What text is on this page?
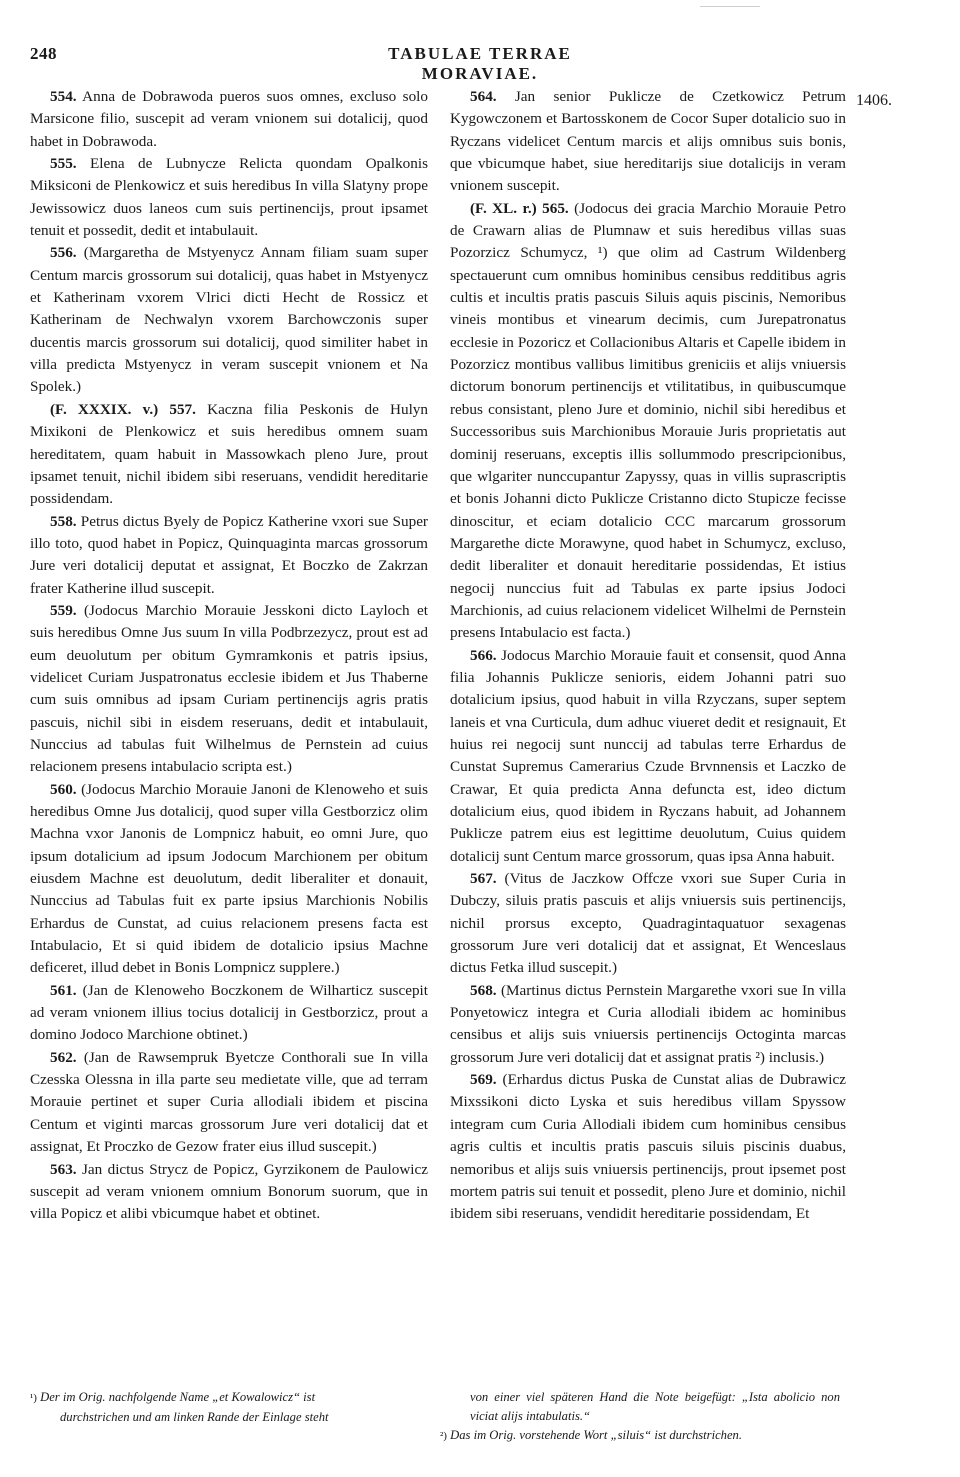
248	TABULAE TERRAE MORAVIAE.
1406.

554. Anna de Dobrawoda pueros suos omnes, excluso solo Marsicone filio, suscepit ad veram vnionem sui dotalicij, quod habet in Dobrawoda.

555. Elena de Lubnycze Relicta quondam Opalkonis Miksiconi de Plenkowicz et suis heredibus In villa Slatyny prope Jewissowicz duos laneos cum suis pertinencijs, prout ipsamet tenuit et possedit, dedit et intabulauit.

556. (Margaretha de Mstyenycz Annam filiam suam super Centum marcis grossorum sui dotalicij, quas habet in Mstyenycz et Katherinam vxorem Vlrici dicti Hecht de Rossicz et Katherinam de Nechwalyn vxorem Barchowczonis super ducentis marcis grossorum sui dotalicij, quod similiter habet in villa predicta Mstyenycz in veram suscepit vnionem et Na Spolek.)

(F. XXXIX. v.) 557. Kaczna filia Peskonis de Hulyn Mixikoni de Plenkowicz et suis heredibus omnem suam hereditatem, quam habuit in Massowkach pleno Jure, prout ipsamet tenuit, nichil ibidem sibi reseruans, vendidit hereditarie possidendam.

558. Petrus dictus Byely de Popicz Katherine vxori sue Super illo toto, quod habet in Popicz, Quinquaginta marcas grossorum Jure veri dotalicij deputat et assignat, Et Boczko de Zakrzan frater Katherine illud suscepit.

559. (Jodocus Marchio Morauie Jesskoni dicto Layloch et suis heredibus Omne Jus suum In villa Podbrzezycz, prout est ad eum deuolutum per obitum Gymramkonis et patris ipsius, videlicet Curiam Juspatronatus ecclesie ibidem et Jus Thaberne cum suis omnibus ad ipsam Curiam pertinencijs agris pratis pascuis, nichil sibi in eisdem reseruans, dedit et intabulauit, Nunccius ad tabulas fuit Wilhelmus de Pernstein ad cuius relacionem presens intabulacio scripta est.)

560. (Jodocus Marchio Morauie Janoni de Klenoweho et suis heredibus Omne Jus dotalicij, quod super villa Gestborzicz olim Machna vxor Janonis de Lompnicz habuit, eo omni Jure, quo ipsum dotalicium ad ipsum Jodocum Marchionem per obitum eiusdem Machne est deuolutum, dedit liberaliter et donauit, Nunccius ad Tabulas fuit ex parte ipsius Marchionis Nobilis Erhardus de Cunstat, ad cuius relacionem presens facta est Intabulacio, Et si quid ibidem de dotalicio ipsius Machne deficeret, illud debet in Bonis Lompnicz supplere.)

561. (Jan de Klenoweho Boczkonem de Wilharticz suscepit ad veram vnionem illius tocius dotalicij in Gestborzicz, prout a domino Jodoco Marchione obtinet.)

562. (Jan de Rawsempruk Byetcze Conthorali sue In villa Czesska Olessna in illa parte seu medietate ville, que ad terram Morauie pertinet et super Curia allodiali ibidem et piscina Centum et viginti marcas grossorum Jure veri dotalicij dat et assignat, Et Proczko de Gezow frater eius illud suscepit.)

563. Jan dictus Strycz de Popicz, Gyrzikonem de Paulowicz suscepit ad veram vnionem omnium Bonorum suorum, que in villa Popicz et alibi vbicumque habet et obtinet.

564. Jan senior Puklicze de Czetkowicz Petrum Kygowczonem et Bartosskonem de Cocor Super dotalicio suo in Ryczans videlicet Centum marcis et alijs omnibus suis bonis, que vbicumque habet, siue hereditarijs siue dotalicijs in veram vnionem suscepit.

(F. XL. r.) 565. (Jodocus dei gracia Marchio Morauie Petro de Crawarn alias de Plumnaw et suis heredibus villas suas Pozorzicz Schumycz, ¹) que olim ad Castrum Wildenberg spectauerunt cum omnibus hominibus censibus redditibus agris cultis et incultis pratis pascuis Siluis aquis piscinis, Nemoribus vineis montibus et vinearum decimis, cum Jurepatronatus ecclesie in Pozoricz et Collacionibus Altaris et Capelle ibidem in Pozorzicz montibus vallibus limitibus greniciis et alijs vniuersis dictorum bonorum pertinencijs et vtilitatibus, in quibuscumque rebus consistant, pleno Jure et dominio, nichil sibi heredibus et Successoribus suis Marchionibus Morauie Juris proprietatis aut dominij reseruans, exceptis illis sollummodo prescripcionibus, que wlgariter nunccupantur Zapyssy, quas in villis suprascriptis et bonis Johanni dicto Puklicze Cristanno dicto Stupicze fecisse dinoscitur, et eciam dotalicio CCC marcarum grossorum Margarethe dicte Morawyne, quod habet in Schumycz, excluso, dedit liberaliter et donauit hereditarie possidendas, Et istius negocij nunccius fuit ad Tabulas ex parte ipsius Jodoci Marchionis, ad cuius relacionem videlicet Wilhelmi de Pernstein presens Intabulacio est facta.)

566. Jodocus Marchio Morauie fauit et consensit, quod Anna filia Johannis Puklicze senioris, eidem Johanni patri suo dotalicium ipsius, quod habuit in villa Rzyczans, super septem laneis et vna Curticula, dum adhuc viueret dedit et resignauit, Et huius rei negocij sunt nunccij ad tabulas terre Erhardus de Cunstat Supremus Camerarius Czude Brvnnensis et Laczko de Crawar, Et quia predicta Anna defuncta est, ideo dictum dotalicium eius, quod ibidem in Ryczans habuit, ad Johannem Puklicze patrem eius est legittime deuolutum, Cuius quidem dotalicij sunt Centum marce grossorum, quas ipsa Anna habuit.

567. (Vitus de Jaczkow Offcze vxori sue Super Curia in Dubczy, siluis pratis pascuis et alijs vniuersis suis pertinencijs, nichil prorsus excepto, Quadragintaquatuor sexagenas grossorum Jure veri dotalicij dat et assignat, Et Wenceslaus dictus Fetka illud suscepit.)

568. (Martinus dictus Pernstein Margarethe vxori sue In villa Ponyetowicz integra et Curia allodiali ibidem ac hominibus censibus et alijs suis vniuersis pertinencijs Octoginta marcas grossorum Jure veri dotalicij dat et assignat pratis ²) inclusis.)

569. (Erhardus dictus Puska de Cunstat alias de Dubrawicz Mixssikoni dicto Lyska et suis heredibus villam Spyssow integram cum Curia Allodiali ibidem cum hominibus censibus agris cultis et incultis pratis pascuis siluis piscinis duabus, nemoribus et alijs suis vniuersis pertinencijs, prout ipsemet post mortem patris sui tenuit et possedit, pleno Jure et dominio, nichil ibidem sibi reseruans, vendidit hereditarie possidendam, Et

¹) Der im Orig. nachfolgende Name „et Kowalowicz“ ist

durchstrichen und am linken Rande der Einlage steht

von einer viel späteren Hand die Note beigefügt: „Ista abolicio non viciat alijs intabulatis.“

²) Das im Orig. vorstehende Wort „siluis“ ist durchstrichen.
